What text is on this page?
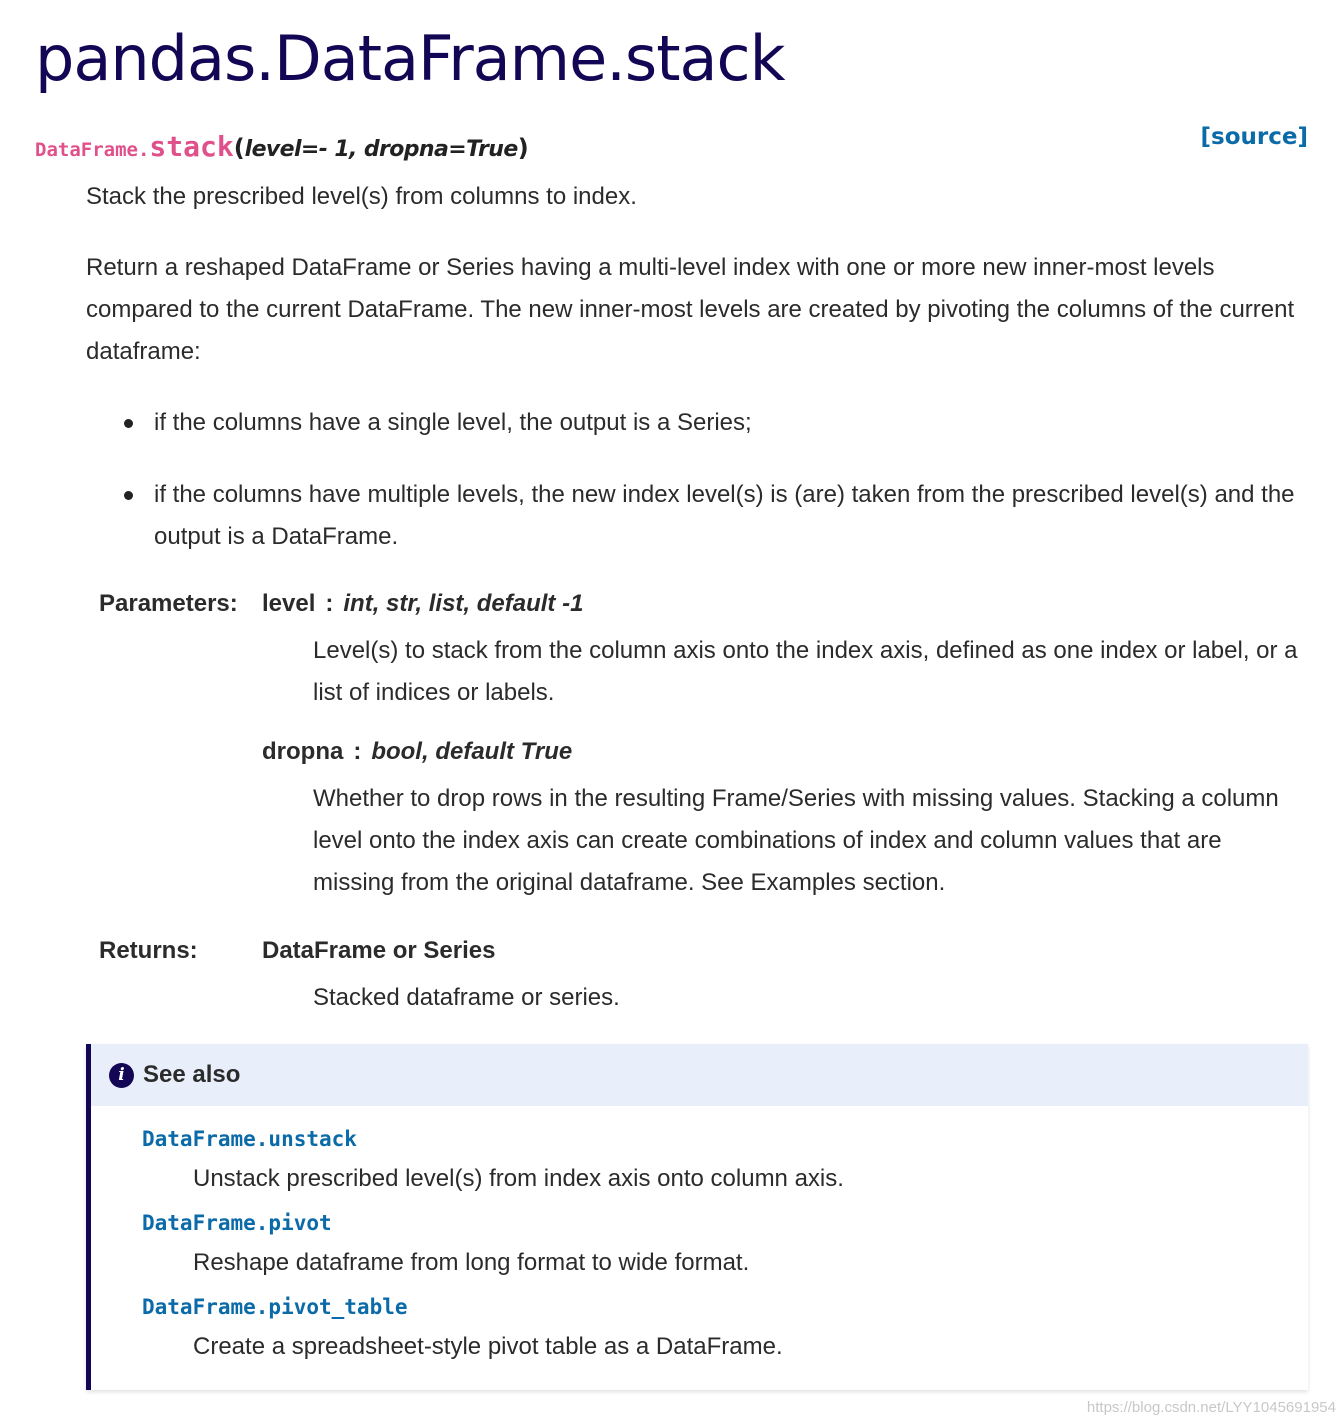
pandas.DataFrame.stack
DataFrame.stack(level=- 1, dropna=True)	[source]

Stack the prescribed level(s) from columns to index.

Return a reshaped DataFrame or Series having a multi-level index with one or more new inner-most levels compared to the current DataFrame. The new inner-most levels are created by pivoting the columns of the current dataframe:

if the columns have a single level, the output is a Series;
if the columns have multiple levels, the new index level(s) is (are) taken from the prescribed level(s) and the output is a DataFrame.
Parameters: level : int, str, list, default -1

Level(s) to stack from the column axis onto the index axis, defined as one index or label, or a list of indices or labels.

dropna : bool, default True

Whether to drop rows in the resulting Frame/Series with missing values. Stacking a column level onto the index axis can create combinations of index and column values that are missing from the original dataframe. See Examples section.

Returns:	DataFrame or Series

Stacked dataframe or series.

i See also
DataFrame.unstack
Unstack prescribed level(s) from index axis onto column axis.
DataFrame.pivot
Reshape dataframe from long format to wide format.
DataFrame.pivot_table
Create a spreadsheet-style pivot table as a DataFrame.
https://blog.csdn.net/LYY1045691954
